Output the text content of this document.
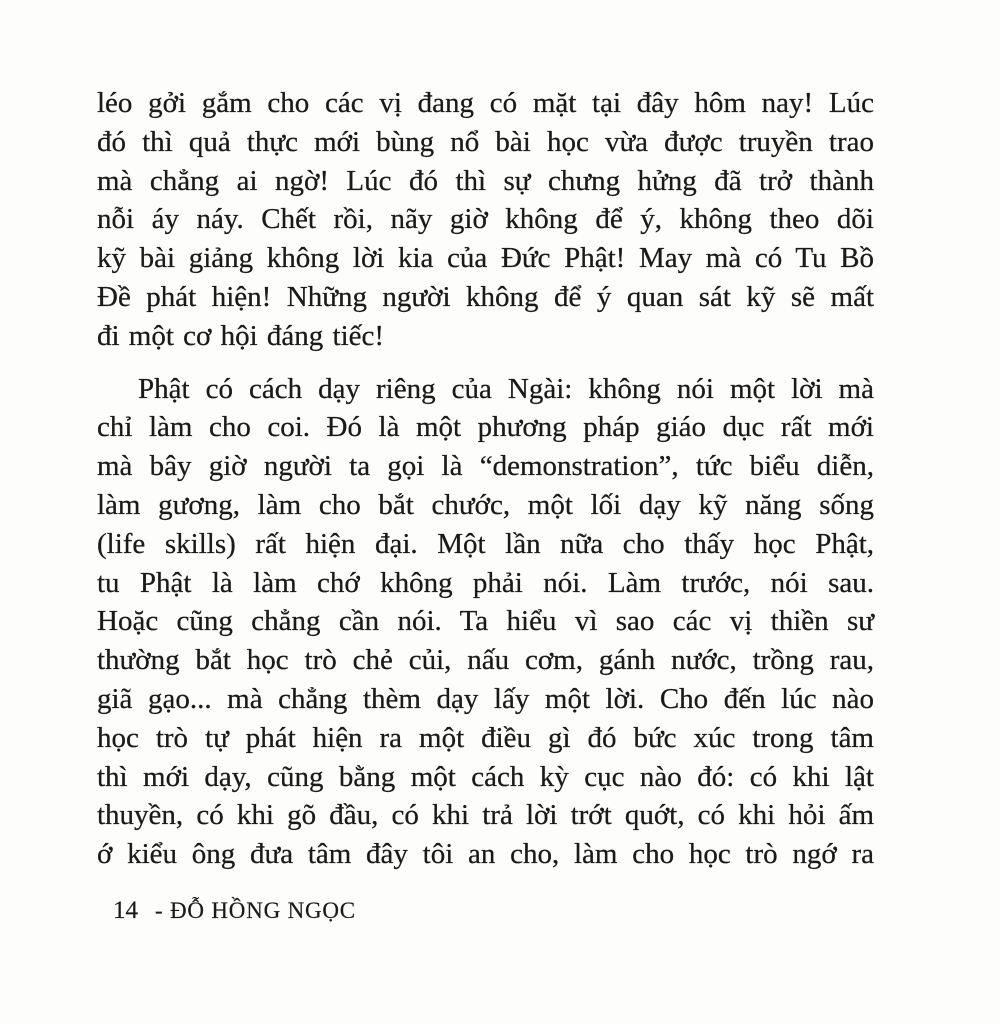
léo gởi gắm cho các vị đang có mặt tại đây hôm nay! Lúc
đó thì quả thực mới bùng nổ bài học vừa được truyền trao
mà chẳng ai ngờ! Lúc đó thì sự chưng hửng đã trở thành
nỗi áy náy. Chết rồi, nãy giờ không để ý, không theo dõi
kỹ bài giảng không lời kia của Đức Phật! May mà có Tu Bồ
Đề phát hiện! Những người không để ý quan sát kỹ sẽ mất
đi một cơ hội đáng tiếc!
Phật có cách dạy riêng của Ngài: không nói một lời mà
chỉ làm cho coi. Đó là một phương pháp giáo dục rất mới
mà bây giờ người ta gọi là “demonstration”, tức biểu diễn,
làm gương, làm cho bắt chước, một lối dạy kỹ năng sống
(life skills) rất hiện đại. Một lần nữa cho thấy học Phật,
tu Phật là làm chớ không phải nói. Làm trước, nói sau.
Hoặc cũng chẳng cần nói. Ta hiểu vì sao các vị thiền sư
thường bắt học trò chẻ củi, nấu cơm, gánh nước, trồng rau,
giã gạo... mà chẳng thèm dạy lấy một lời. Cho đến lúc nào
học trò tự phát hiện ra một điều gì đó bức xúc trong tâm
thì mới dạy, cũng bằng một cách kỳ cục nào đó: có khi lật
thuyền, có khi gõ đầu, có khi trả lời trớt quớt, có khi hỏi ấm
ớ kiểu ông đưa tâm đây tôi an cho, làm cho học trò ngớ ra
14 - ĐỖ HỒNG NGỌC
